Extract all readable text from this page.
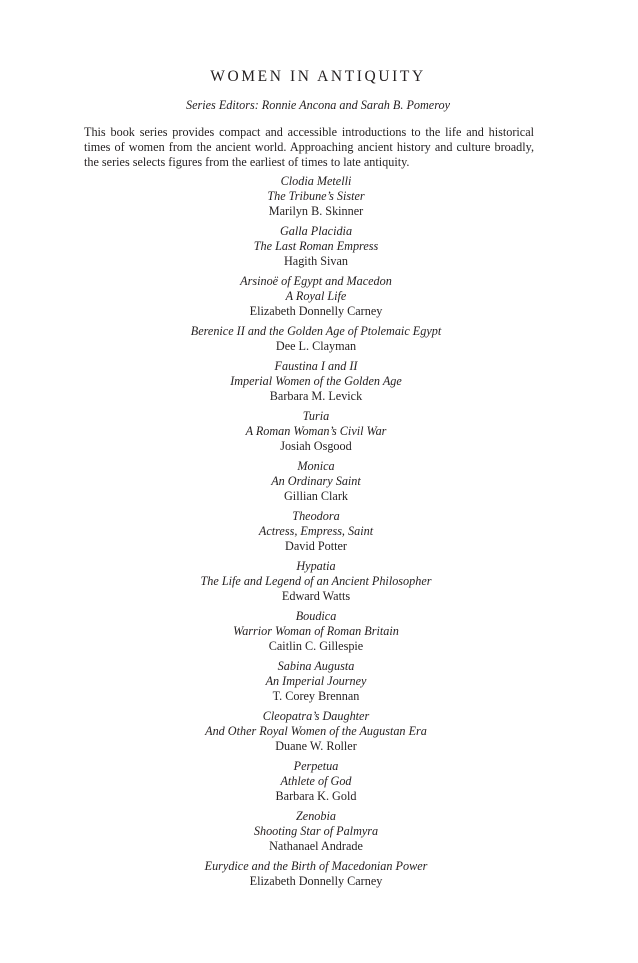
WOMEN IN ANTIQUITY

Series Editors: Ronnie Ancona and Sarah B. Pomeroy

This book series provides compact and accessible introductions to the life and historical times of women from the ancient world. Approaching ancient history and culture broadly, the series selects figures from the earliest of times to late antiquity.

Clodia Metelli
The Tribune’s Sister
Marilyn B. Skinner
Galla Placidia
The Last Roman Empress
Hagith Sivan
Arsinoë of Egypt and Macedon
A Royal Life
Elizabeth Donnelly Carney
Berenice II and the Golden Age of Ptolemaic Egypt
Dee L. Clayman
Faustina I and II
Imperial Women of the Golden Age
Barbara M. Levick
Turia
A Roman Woman’s Civil War
Josiah Osgood
Monica
An Ordinary Saint
Gillian Clark
Theodora
Actress, Empress, Saint
David Potter
Hypatia
The Life and Legend of an Ancient Philosopher
Edward Watts
Boudica
Warrior Woman of Roman Britain
Caitlin C. Gillespie
Sabina Augusta
An Imperial Journey
T. Corey Brennan
Cleopatra’s Daughter
And Other Royal Women of the Augustan Era
Duane W. Roller
Perpetua
Athlete of God
Barbara K. Gold
Zenobia
Shooting Star of Palmyra
Nathanael Andrade
Eurydice and the Birth of Macedonian Power
Elizabeth Donnelly Carney
